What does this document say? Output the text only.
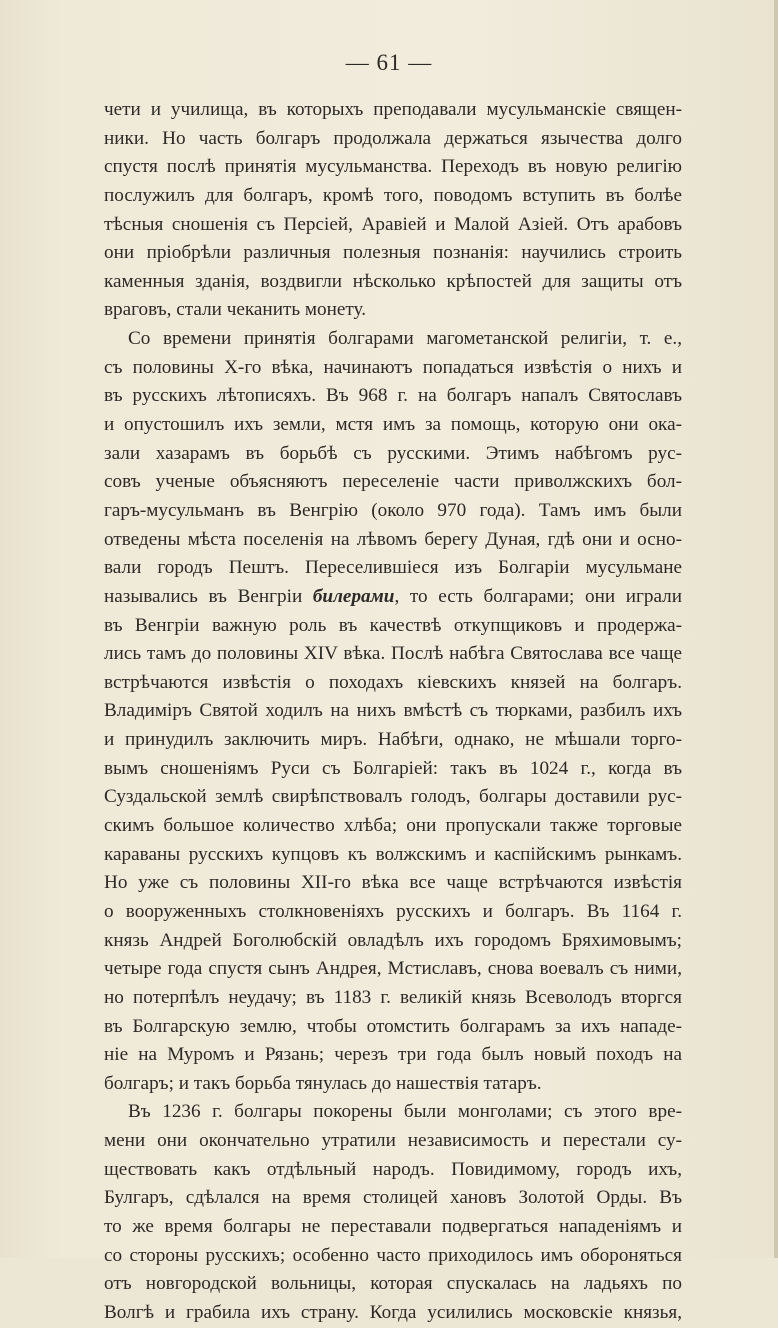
— 61 —
чети и училища, въ которыхъ преподавали мусульманскіе священ-
ники. Но часть болгаръ продолжала держаться язычества долго
спустя послѣ принятія мусульманства. Переходъ въ новую религію
послужилъ для болгаръ, кромѣ того, поводомъ вступить въ болѣе
тѣсныя сношенія съ Персіей, Аравіей и Малой Азіей. Отъ арабовъ
они пріобрѣли различныя полезныя познанія: научились строить
каменныя зданія, воздвигли нѣсколько крѣпостей для защиты отъ
враговъ, стали чеканить монету.
Со времени принятія болгарами магометанской религіи, т. е.,
съ половины X-го вѣка, начинаютъ попадаться извѣстія о нихъ и
въ русскихъ лѣтописяхъ. Въ 968 г. на болгаръ напалъ Святославъ
и опустошилъ ихъ земли, мстя имъ за помощь, которую они ока-
зали хазарамъ въ борьбѣ съ русскими. Этимъ набѣгомъ рус-
совъ ученые объясняютъ переселеніе части приволжскихъ бол-
гаръ-мусульманъ въ Венгрію (около 970 года). Тамъ имъ были
отведены мѣста поселенія на лѣвомъ берегу Дуная, гдѣ они и осно-
вали городъ Пештъ. Переселившіеся изъ Болгаріи мусульмане
назывались въ Венгріи билерами, то есть болгарами; они играли
въ Венгріи важную роль въ качествѣ откупщиковъ и продержа-
лись тамъ до половины XIV вѣка. Послѣ набѣга Святослава все чаще
встрѣчаются извѣстія о походахъ кіевскихъ князей на болгаръ.
Владиміръ Святой ходилъ на нихъ вмѣстѣ съ тюрками, разбилъ ихъ
и принудилъ заключить миръ. Набѣги, однако, не мѣшали торго-
вымъ сношеніямъ Руси съ Болгаріей: такъ въ 1024 г., когда въ
Суздальской землѣ свирѣпствовалъ голодъ, болгары доставили рус-
скимъ большое количество хлѣба; они пропускали также торговые
караваны русскихъ купцовъ къ волжскимъ и каспійскимъ рынкамъ.
Но уже съ половины XII-го вѣка все чаще встрѣчаются извѣстія
о вооруженныхъ столкновеніяхъ русскихъ и болгаръ. Въ 1164 г.
князь Андрей Боголюбскій овладѣлъ ихъ городомъ Бряхимовымъ;
четыре года спустя сынъ Андрея, Мстиславъ, снова воевалъ съ ними,
но потерпѣлъ неудачу; въ 1183 г. великій князь Всеволодъ вторгся
въ Болгарскую землю, чтобы отомстить болгарамъ за ихъ нападе-
ніе на Муромъ и Рязань; черезъ три года былъ новый походъ на
болгаръ; и такъ борьба тянулась до нашествія татаръ.
Въ 1236 г. болгары покорены были монголами; съ этого вре-
мени они окончательно утратили независимость и перестали су-
ществовать какъ отдѣльный народъ. Повидимому, городъ ихъ,
Булгаръ, сдѣлался на время столицей хановъ Золотой Орды. Въ
то же время болгары не переставали подвергаться нападеніямъ и
со стороны русскихъ; особенно часто приходилось имъ обороняться
отъ новгородской вольницы, которая спускалась на ладьяхъ по
Волгѣ и грабила ихъ страну. Когда усилились московскіе князья,
